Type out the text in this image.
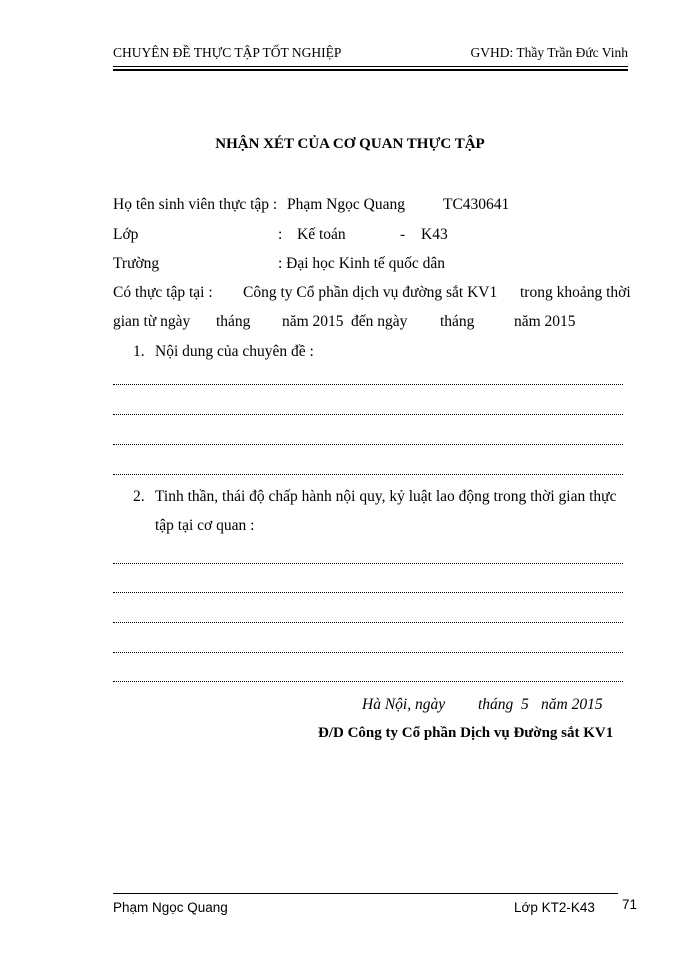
CHUYÊN ĐỀ THỰC TẬP TỐT NGHIỆP	GVHD: Thầy Trần Đức Vinh
NHẬN XÉT CỦA CƠ QUAN THỰC TẬP
Họ tên sinh viên thực tập : Phạm Ngọc Quang TC430641
Lớp	: Kế toán	- K43
Trường	: Đại học Kinh tế quốc dân
Có thực tập tại : Công ty Cổ phần dịch vụ đường sắt KV1 trong khoảng thời
gian từ ngày tháng năm 2015 đến ngày tháng	năm 2015
1. Nội dung của chuyên đề :
2. Tinh thần, thái độ chấp hành nội quy, kỷ luật lao động trong thời gian thực
tập tại cơ quan :
Hà Nội, ngày tháng 5 năm 2015
Đ/D Công ty Cổ phần Dịch vụ Đường sắt KV1
Phạm Ngọc Quang	Lớp KT2-K43 71
